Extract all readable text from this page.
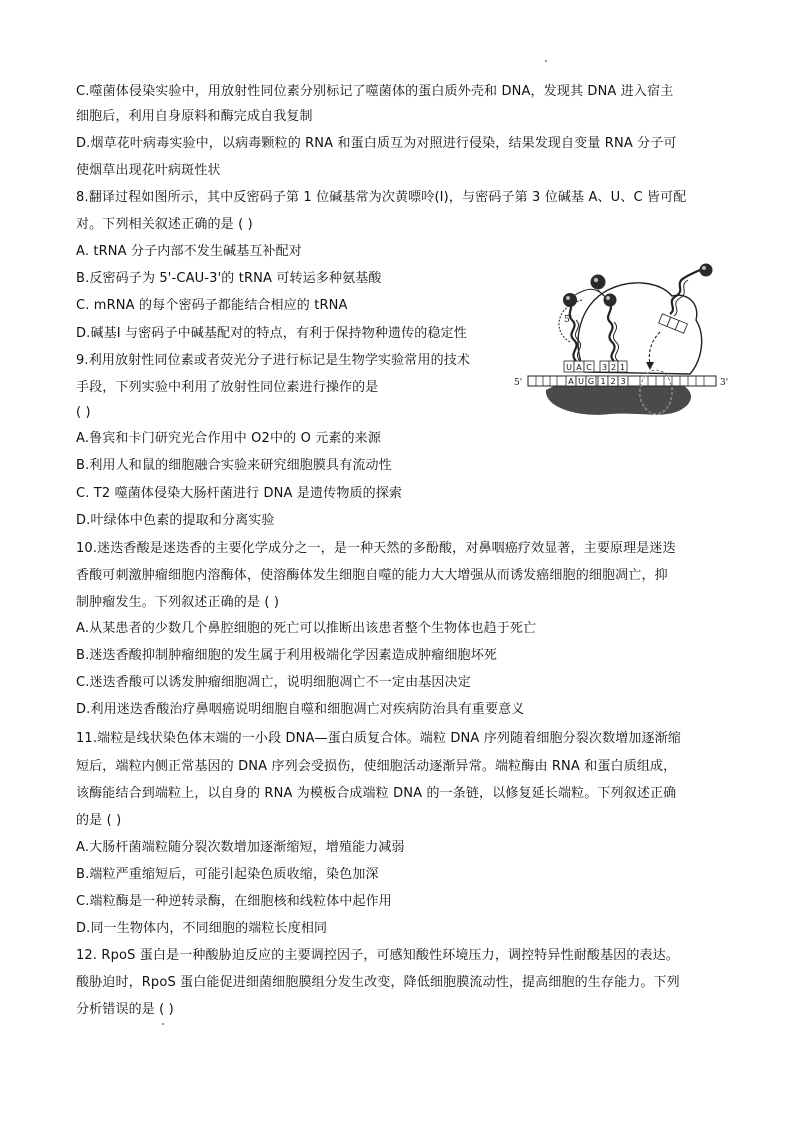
C.噬菌体侵染实验中，用放射性同位素分别标记了噬菌体的蛋白质外壳和 DNA，发现其 DNA 进入宿主

细胞后，利用自身原料和酶完成自我复制

D.烟草花叶病毒实验中，以病毒颗粒的 RNA 和蛋白质互为对照进行侵染，结果发现自变量 RNA 分子可

使烟草出现花叶病斑性状

8.翻译过程如图所示，其中反密码子第 1 位碱基常为次黄嘌呤(I)，与密码子第 3 位碱基 A、U、C 皆可配

对。下列相关叙述正确的是 ( )

A. tRNA 分子内部不发生碱基互补配对

B.反密码子为 5'-CAU-3'的 tRNA 可转运多种氨基酸

C. mRNA 的每个密码子都能结合相应的 tRNA

D.碱基Ⅰ 与密码子中碱基配对的特点，有利于保持物种遗传的稳定性

9.利用放射性同位素或者荧光分子进行标记是生物学实验常用的技术

手段，下列实验中利用了放射性同位素进行操作的是

( )

A.鲁宾和卡门研究光合作用中 O2中的 O 元素的来源

B.利用人和鼠的细胞融合实验来研究细胞膜具有流动性

C. T2 噬菌体侵染大肠杆菌进行 DNA 是遗传物质的探索

D.叶绿体中色素的提取和分离实验

10.迷迭香酸是迷迭香的主要化学成分之一，是一种天然的多酚酸，对鼻咽癌疗效显著，主要原理是迷迭

香酸可刺激肿瘤细胞内溶酶体，使溶酶体发生细胞自噬的能力大大增强从而诱发癌细胞的细胞凋亡，抑

制肿瘤发生。下列叙述正确的是 ( )

A.从某患者的少数几个鼻腔细胞的死亡可以推断出该患者整个生物体也趋于死亡

B.迷迭香酸抑制肿瘤细胞的发生属于利用极端化学因素造成肿瘤细胞坏死

C.迷迭香酸可以诱发肿瘤细胞凋亡，说明细胞凋亡不一定由基因决定

D.利用迷迭香酸治疗鼻咽癌说明细胞自噬和细胞凋亡对疾病防治具有重要意义

11.端粒是线状染色体末端的一小段 DNA—蛋白质复合体。端粒 DNA 序列随着细胞分裂次数增加逐渐缩

短后，端粒内侧正常基因的 DNA 序列会受损伤，使细胞活动逐渐异常。端粒酶由 RNA 和蛋白质组成，

该酶能结合到端粒上，以自身的 RNA 为模板合成端粒 DNA 的一条链，以修复延长端粒。下列叙述正确

的是 ( )

A.大肠杆菌端粒随分裂次数增加逐渐缩短，增殖能力减弱

B.端粒严重缩短后，可能引起染色质收缩，染色加深

C.端粒酶是一种逆转录酶，在细胞核和线粒体中起作用

D.同一生物体内，不同细胞的端粒长度相同

12. RpoS 蛋白是一种酸胁迫反应的主要调控因子，可感知酸性环境压力，调控特异性耐酸基因的表达。

酸胁迫时，RpoS 蛋白能促进细菌细胞膜组分发生改变，降低细胞膜流动性，提高细胞的生存能力。下列

分析错误的是 ( )

A U G 1 2 3
U A C 3 2 1
5'
5'	3'
